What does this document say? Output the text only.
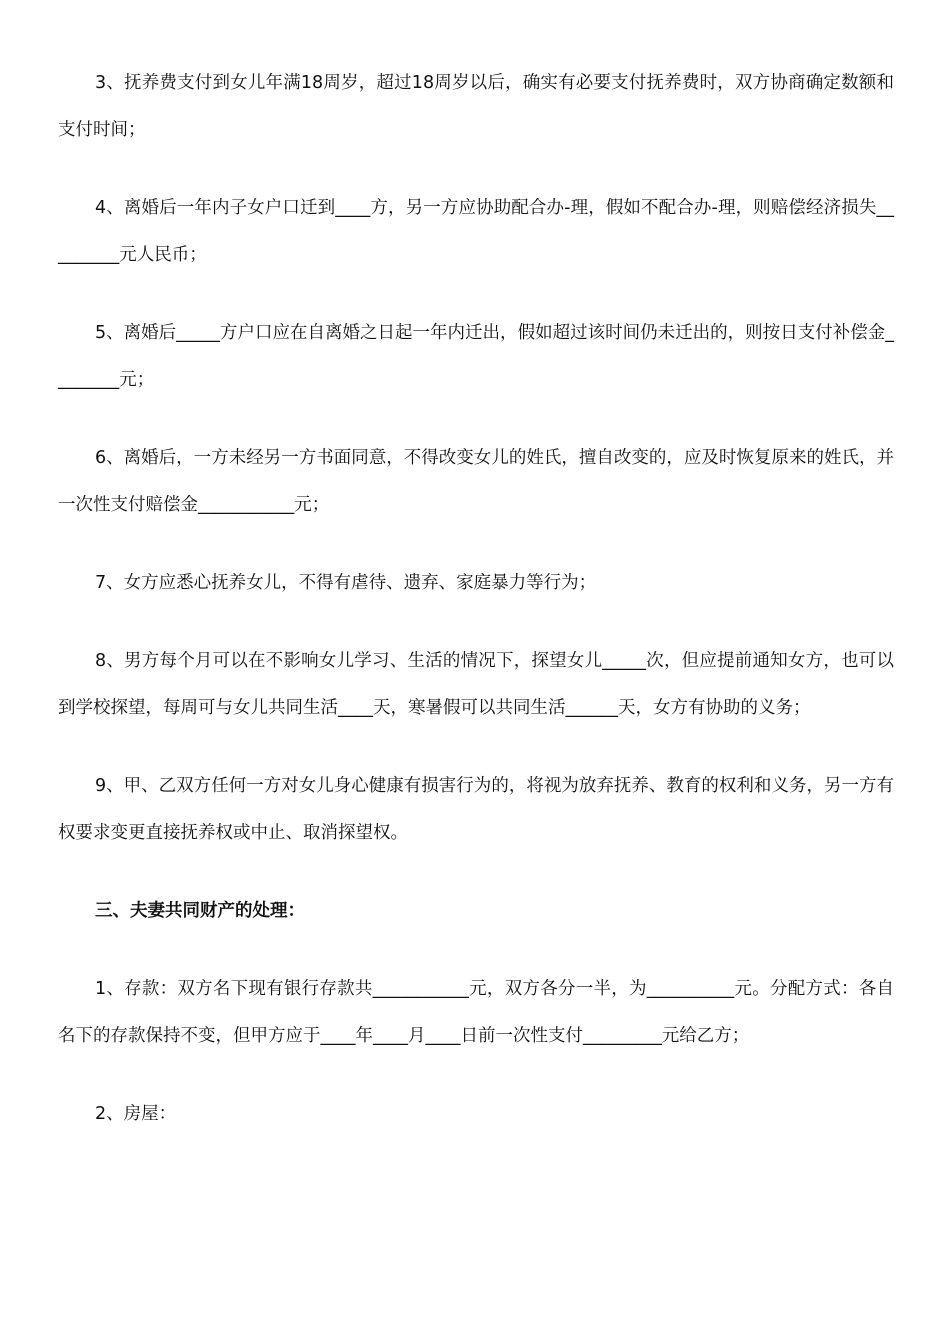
3、抚养费支付到女儿年满18周岁，超过18周岁以后，确实有必要支付抚养费时，双方协商确定数额和支付时间；

4、离婚后一年内子女户口迁到____方，另一方应协助配合办-理，假如不配合办-理，则赔偿经济损失_________元人民币；

5、离婚后_____方户口应在自离婚之日起一年内迁出，假如超过该时间仍未迁出的，则按日支付补偿金________元；

6、离婚后，一方未经另一方书面同意，不得改变女儿的姓氏，擅自改变的，应及时恢复原来的姓氏，并一次性支付赔偿金___________元；

7、女方应悉心抚养女儿，不得有虐待、遗弃、家庭暴力等行为；

8、男方每个月可以在不影响女儿学习、生活的情况下，探望女儿_____次，但应提前通知女方，也可以到学校探望，每周可与女儿共同生活____天，寒暑假可以共同生活______天，女方有协助的义务；

9、甲、乙双方任何一方对女儿身心健康有损害行为的，将视为放弃抚养、教育的权利和义务，另一方有权要求变更直接抚养权或中止、取消探望权。

三、夫妻共同财产的处理：

1、存款：双方名下现有银行存款共___________元，双方各分一半，为__________元。分配方式：各自名下的存款保持不变，但甲方应于____年____月____日前一次性支付_________元给乙方；

2、房屋：
